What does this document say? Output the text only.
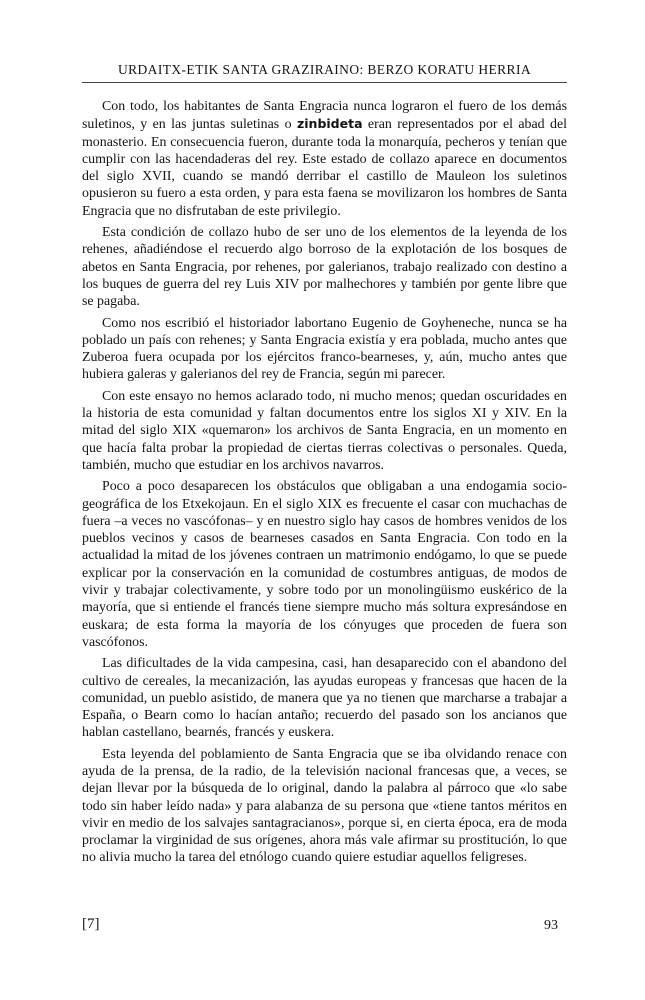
URDAITX-ETIK SANTA GRAZIRAINO: BERZO KORATU HERRIA

Con todo, los habitantes de Santa Engracia nunca lograron el fuero de los demás suletinos, y en las juntas suletinas o zinbideta eran representados por el abad del monasterio. En consecuencia fueron, durante toda la monarquía, pecheros y tenían que cumplir con las hacendaderas del rey. Este estado de collazo aparece en documentos del siglo XVII, cuando se mandó derribar el castillo de Mauleon los suletinos opusieron su fuero a esta orden, y para esta faena se movilizaron los hombres de Santa Engracia que no disfrutaban de este privilegio.

Esta condición de collazo hubo de ser uno de los elementos de la leyenda de los rehenes, añadiéndose el recuerdo algo borroso de la explotación de los bosques de abetos en Santa Engracia, por rehenes, por galerianos, trabajo realizado con destino a los buques de guerra del rey Luis XIV por malhechores y también por gente libre que se pagaba.

Como nos escribió el historiador labortano Eugenio de Goyheneche, nunca se ha poblado un país con rehenes; y Santa Engracia existía y era poblada, mucho antes que Zuberoa fuera ocupada por los ejércitos franco-bearneses, y, aún, mucho antes que hubiera galeras y galerianos del rey de Francia, según mi parecer.

Con este ensayo no hemos aclarado todo, ni mucho menos; quedan oscuridades en la historia de esta comunidad y faltan documentos entre los siglos XI y XIV. En la mitad del siglo XIX «quemaron» los archivos de Santa Engracia, en un momento en que hacía falta probar la propiedad de ciertas tierras colectivas o personales. Queda, también, mucho que estudiar en los archivos navarros.

Poco a poco desaparecen los obstáculos que obligaban a una endogamia socio-geográfica de los Etxekojaun. En el siglo XIX es frecuente el casar con muchachas de fuera –a veces no vascófonas– y en nuestro siglo hay casos de hombres venidos de los pueblos vecinos y casos de bearneses casados en Santa Engracia. Con todo en la actualidad la mitad de los jóvenes contraen un matrimonio endógamo, lo que se puede explicar por la conservación en la comunidad de costumbres antiguas, de modos de vivir y trabajar colectivamente, y sobre todo por un monolingüismo euskérico de la mayoría, que si entiende el francés tiene siempre mucho más soltura expresándose en euskara; de esta forma la mayoría de los cónyuges que proceden de fuera son vascófonos.

Las dificultades de la vida campesina, casi, han desaparecido con el abandono del cultivo de cereales, la mecanización, las ayudas europeas y francesas que hacen de la comunidad, un pueblo asistido, de manera que ya no tienen que marcharse a trabajar a España, o Bearn como lo hacían antaño; recuerdo del pasado son los ancianos que hablan castellano, bearnés, francés y euskera.

Esta leyenda del poblamiento de Santa Engracia que se iba olvidando renace con ayuda de la prensa, de la radio, de la televisión nacional francesas que, a veces, se dejan llevar por la búsqueda de lo original, dando la palabra al párroco que «lo sabe todo sin haber leído nada» y para alabanza de su persona que «tiene tantos méritos en vivir en medio de los salvajes santagracianos», porque si, en cierta época, era de moda proclamar la virginidad de sus orígenes, ahora más vale afirmar su prostitución, lo que no alivia mucho la tarea del etnólogo cuando quiere estudiar aquellos feligreses.

[7]	93
